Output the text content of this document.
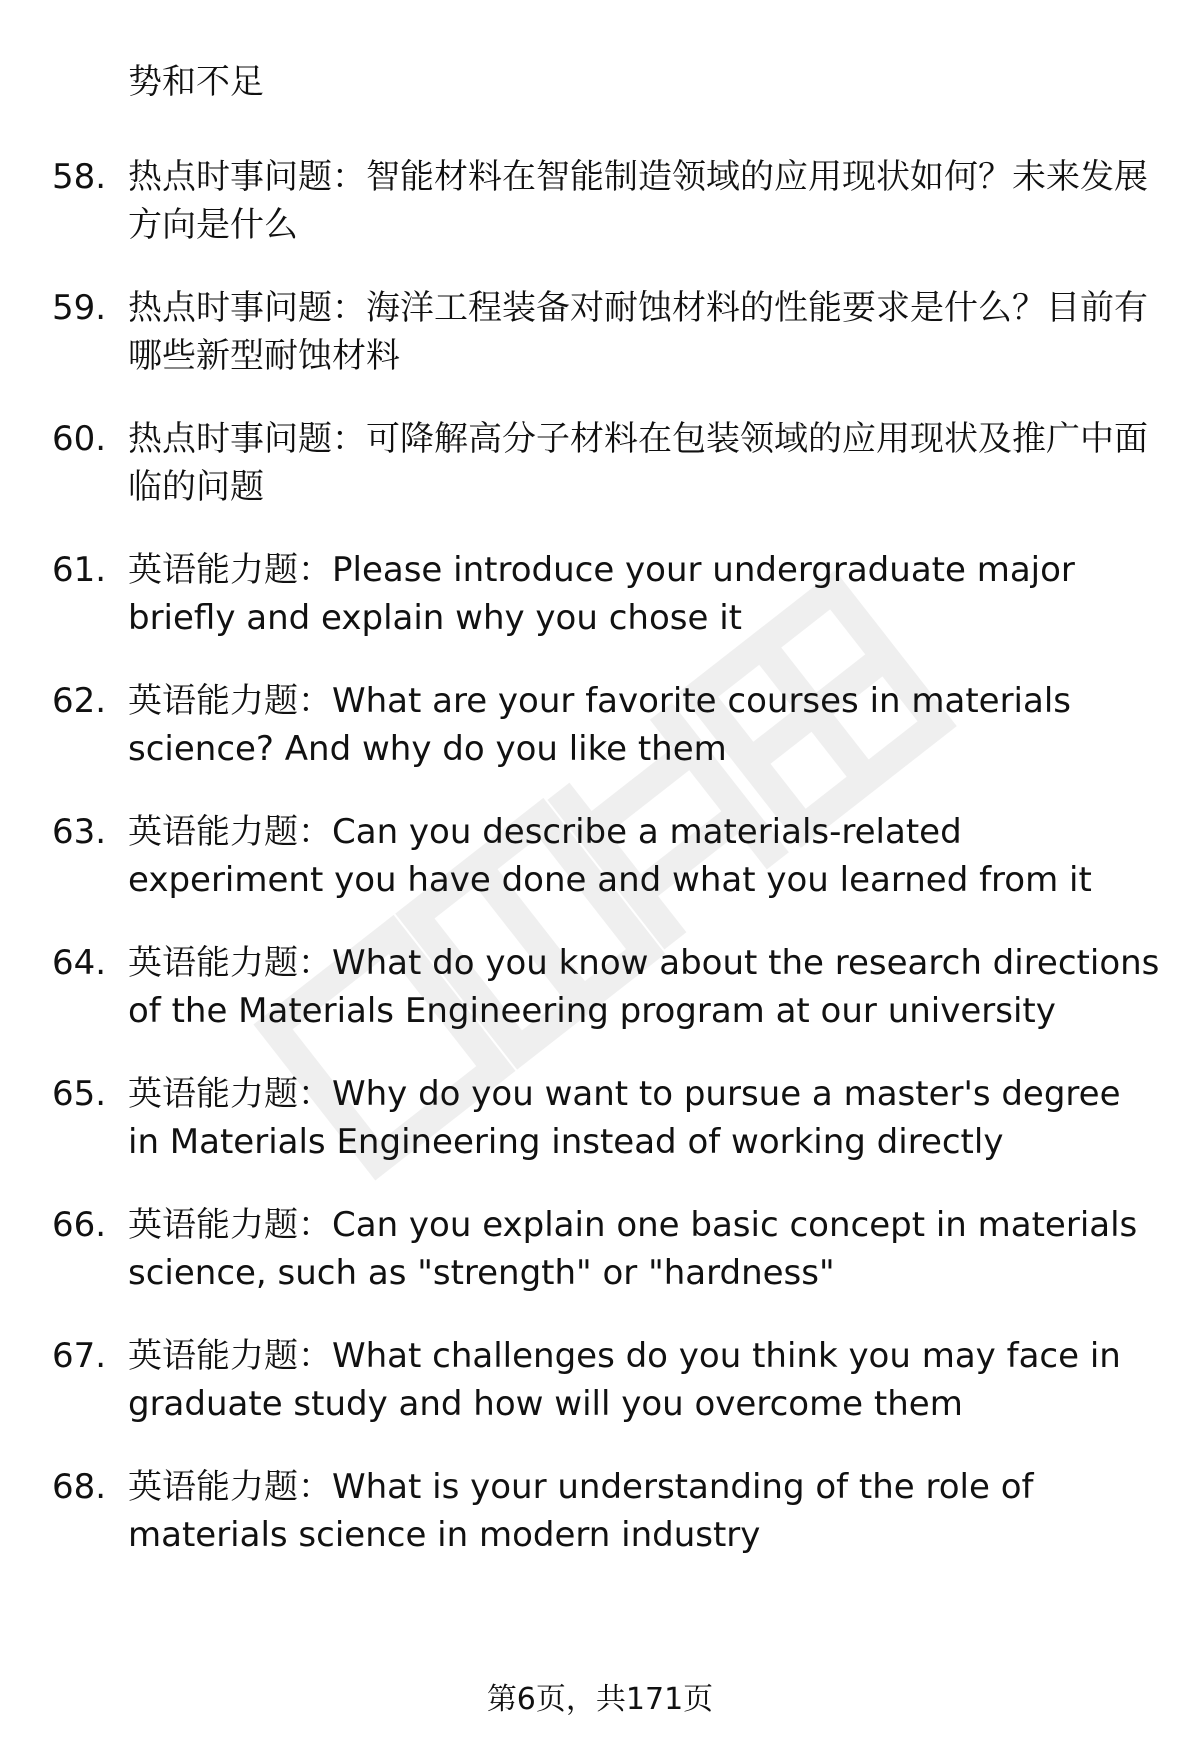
势和不足
58. 热点时事问题：智能材料在智能制造领域的应用现状如何？未来发展方向是什么
59. 热点时事问题：海洋工程装备对耐蚀材料的性能要求是什么？目前有哪些新型耐蚀材料
60. 热点时事问题：可降解高分子材料在包装领域的应用现状及推广中面临的问题
61. 英语能力题：Please introduce your undergraduate major briefly and explain why you chose it
62. 英语能力题：What are your favorite courses in materials science? And why do you like them
63. 英语能力题：Can you describe a materials-related experiment you have done and what you learned from it
64. 英语能力题：What do you know about the research directions of the Materials Engineering program at our university
65. 英语能力题：Why do you want to pursue a master's degree in Materials Engineering instead of working directly
66. 英语能力题：Can you explain one basic concept in materials science, such as "strength" or "hardness"
67. 英语能力题：What challenges do you think you may face in graduate study and how will you overcome them
68. 英语能力题：What is your understanding of the role of materials science in modern industry
第6页，共171页
